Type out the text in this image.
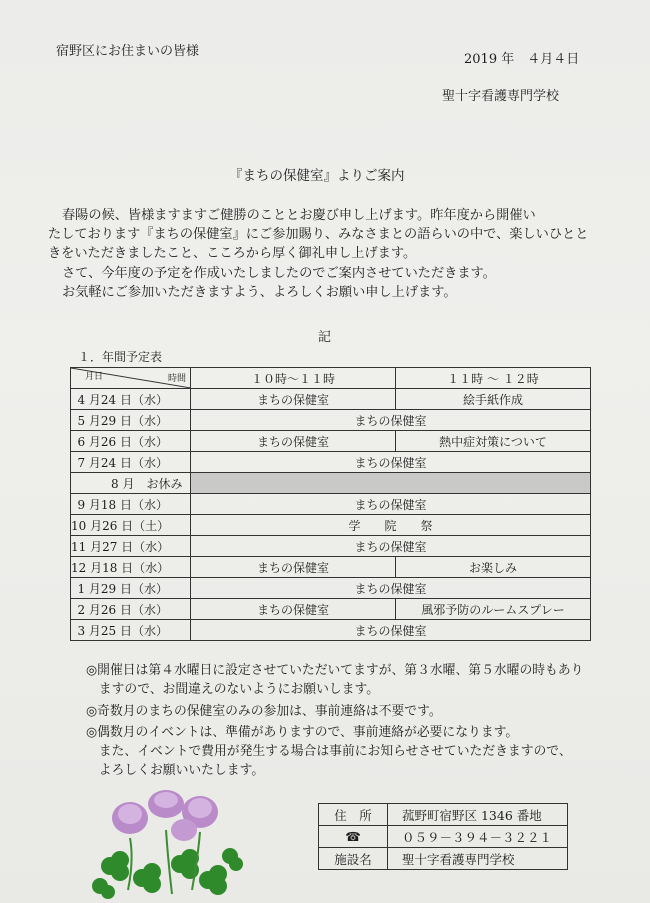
宿野区にお住まいの皆様
2019 年　４月４日
聖十字看護専門学校
『まちの保健室』よりご案内
春陽の候、皆様ますますご健勝のこととお慶び申し上げます。昨年度から開催い
たしております『まちの保健室』にご参加賜り、みなさまとの語らいの中で、楽しいひとと
きをいただきましたこと、こころから厚く御礼申し上げます。
さて、今年度の予定を作成いたしましたのでご案内させていただきます。
お気軽にご参加いただきますよう、よろしくお願い申し上げます。
記
１．年間予定表
月日 時間	１０時～１１時	１１時 ～ １２時
4 月24 日（水）	まちの保健室	絵手紙作成
5 月29 日（水）	まちの保健室	
6 月26 日（水）	まちの保健室	熱中症対策について
7 月24 日（水）	まちの保健室	
8 月　お休み		
9 月18 日（水）	まちの保健室	
10 月26 日（土）	学　　院　　祭	
11 月27 日（水）	まちの保健室	
12 月18 日（水）	まちの保健室	お楽しみ
1 月29 日（水）	まちの保健室	
2 月26 日（水）	まちの保健室	風邪予防のルームスプレー
3 月25 日（水）	まちの保健室	
◎開催日は第４水曜日に設定させていただいてますが、第３水曜、第５水曜の時もあり
　ますので、お間違えのないようにお願いします。
◎奇数月のまちの保健室のみの参加は、事前連絡は不要です。
◎偶数月のイベントは、準備がありますので、事前連絡が必要になります。
　また、イベントで費用が発生する場合は事前にお知らせさせていただきますので、
　よろしくお願いいたします。
住　所	菰野町宿野区 1346 番地
☎	０５９－３９４－３２２１
施設名	聖十字看護専門学校
